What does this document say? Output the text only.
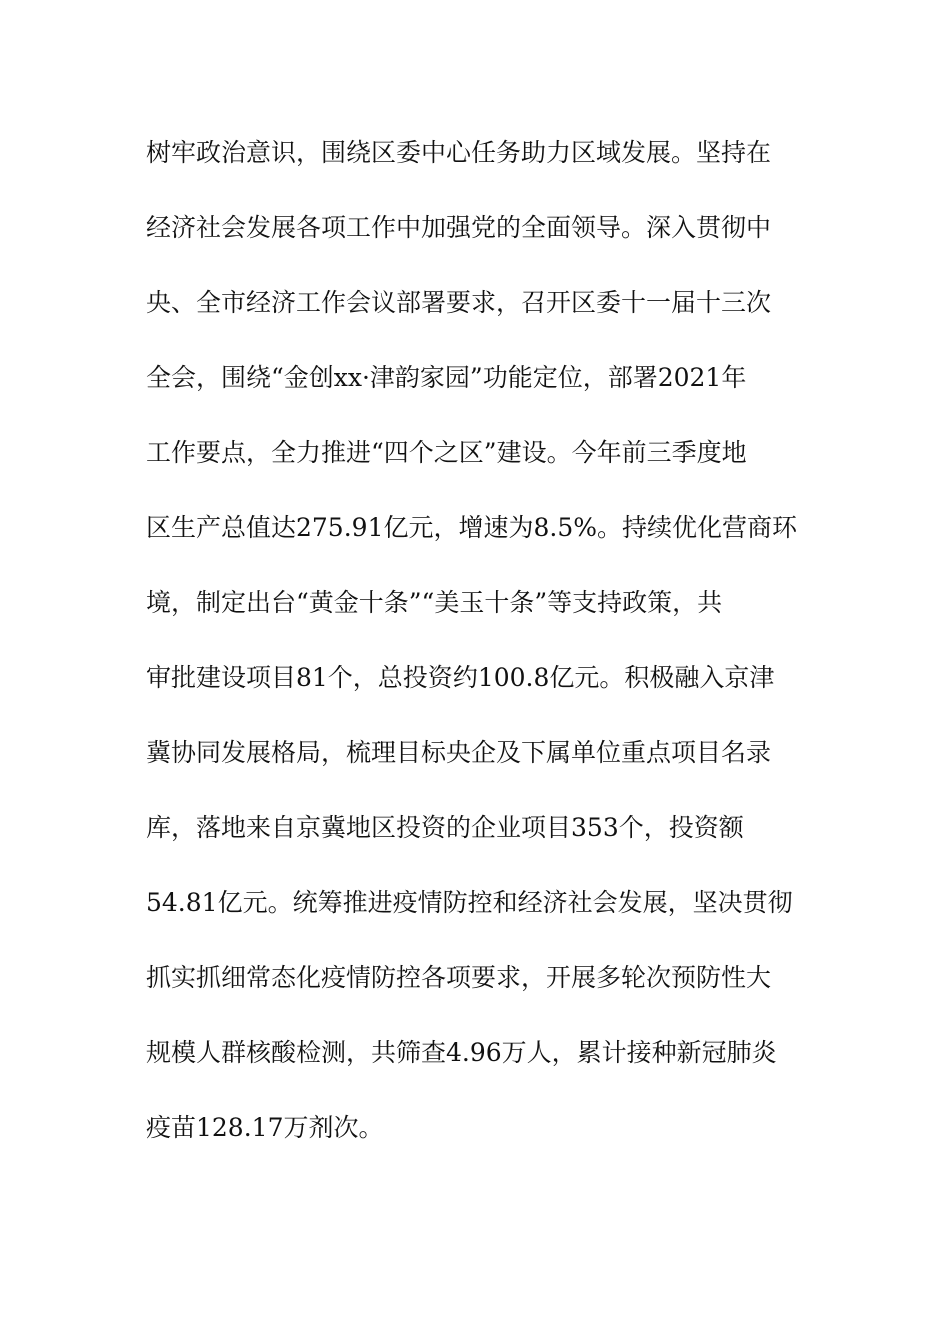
树牢政治意识，围绕区委中心任务助力区域发展。坚持在
经济社会发展各项工作中加强党的全面领导。深入贯彻中
央、全市经济工作会议部署要求，召开区委十一届十三次
全会，围绕“金创xx·津韵家园”功能定位，部署2021年
工作要点，全力推进“四个之区”建设。今年前三季度地
区生产总值达275.91亿元，增速为8.5%。持续优化营商环
境，制定出台“黄金十条”“美玉十条”等支持政策，共
审批建设项目81个，总投资约100.8亿元。积极融入京津
冀协同发展格局，梳理目标央企及下属单位重点项目名录
库，落地来自京冀地区投资的企业项目353个，投资额
54.81亿元。统筹推进疫情防控和经济社会发展，坚决贯彻
抓实抓细常态化疫情防控各项要求，开展多轮次预防性大
规模人群核酸检测，共筛查4.96万人，累计接种新冠肺炎
疫苗128.17万剂次。
